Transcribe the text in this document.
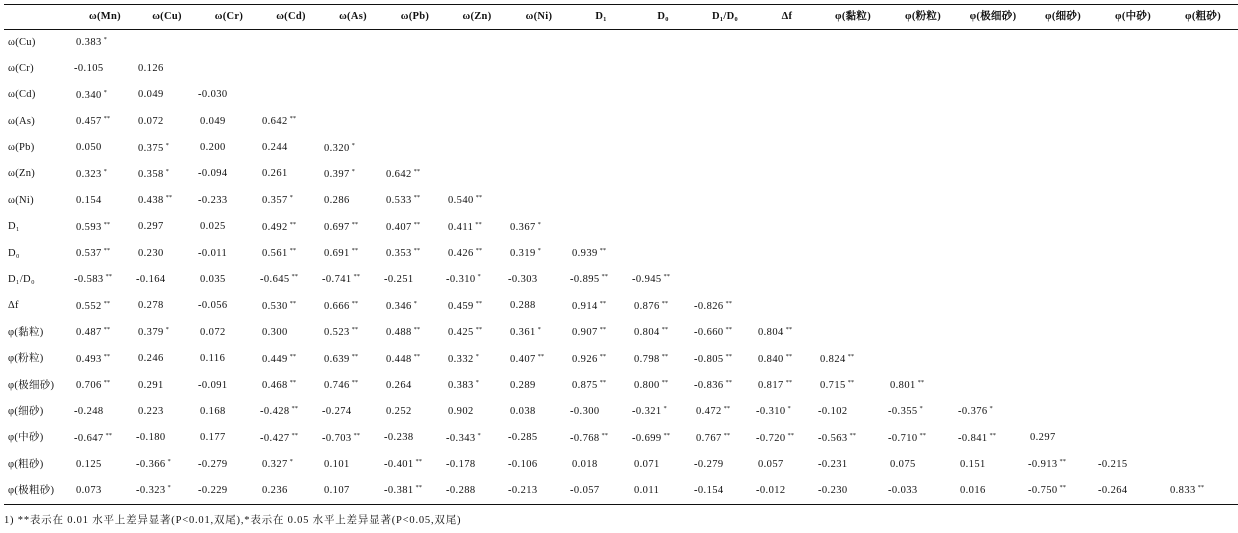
	ω(Mn)	ω(Cu)	ω(Cr)	ω(Cd)	ω(As)	ω(Pb)	ω(Zn)	ω(Ni)	D₁	D₀	D₁/D₀	Δf	φ(黏粒)	φ(粉粒)	φ(极细砂)	φ(细砂)	φ(中砂)	φ(粗砂)
ω(Cu)	0.383 *																	
ω(Cr)	-0.105	0.126																
ω(Cd)	0.340 *	0.049	-0.030															
ω(As)	0.457 **	0.072	0.049	0.642 **														
ω(Pb)	0.050	0.375 *	0.200	0.244	0.320 *													
ω(Zn)	0.323 *	0.358 *	-0.094	0.261	0.397 *	0.642 **												
ω(Ni)	0.154	0.438 **	-0.233	0.357 *	0.286	0.533 **	0.540 **											
D₁	0.593 **	0.297	0.025	0.492 **	0.697 **	0.407 **	0.411 **	0.367 *										
D₀	0.537 **	0.230	-0.011	0.561 **	0.691 **	0.353 **	0.426 **	0.319 *	0.939 **									
D₁/D₀	-0.583 **	-0.164	0.035	-0.645 **	-0.741 **	-0.251	-0.310 *	-0.303	-0.895 **	-0.945 **								
Δf	0.552 **	0.278	-0.056	0.530 **	0.666 **	0.346 *	0.459 **	0.288	0.914 **	0.876 **	-0.826 **							
φ(黏粒)	0.487 **	0.379 *	0.072	0.300	0.523 **	0.488 **	0.425 **	0.361 *	0.907 **	0.804 **	-0.660 **	0.804 **						
φ(粉粒)	0.493 **	0.246	0.116	0.449 **	0.639 **	0.448 **	0.332 *	0.407 **	0.926 **	0.798 **	-0.805 **	0.840 **	0.824 **					
φ(极细砂)	0.706 **	0.291	-0.091	0.468 **	0.746 **	0.264	0.383 *	0.289	0.875 **	0.800 **	-0.836 **	0.817 **	0.715 **	0.801 **				
φ(细砂)	-0.248	0.223	0.168	-0.428 **	-0.274	0.252	0.902	0.038	-0.300	-0.321 *	0.472 **	-0.310 *	-0.102	-0.355 *	-0.376 *			
φ(中砂)	-0.647 **	-0.180	0.177	-0.427 **	-0.703 **	-0.238	-0.343 *	-0.285	-0.768 **	-0.699 **	0.767 **	-0.720 **	-0.563 **	-0.710 **	-0.841 **	0.297		
φ(粗砂)	0.125	-0.366 *	-0.279	0.327 *	0.101	-0.401 **	-0.178	-0.106	0.018	0.071	-0.279	0.057	-0.231	0.075	0.151	-0.913 **	-0.215	
φ(极粗砂)	0.073	-0.323 *	-0.229	0.236	0.107	-0.381 **	-0.288	-0.213	-0.057	0.011	-0.154	-0.012	-0.230	-0.033	0.016	-0.750 **	-0.264	0.833 **
1) **表示在 0.01 水平上差异显著(P<0.01,双尾),*表示在 0.05 水平上差异显著(P<0.05,双尾)
